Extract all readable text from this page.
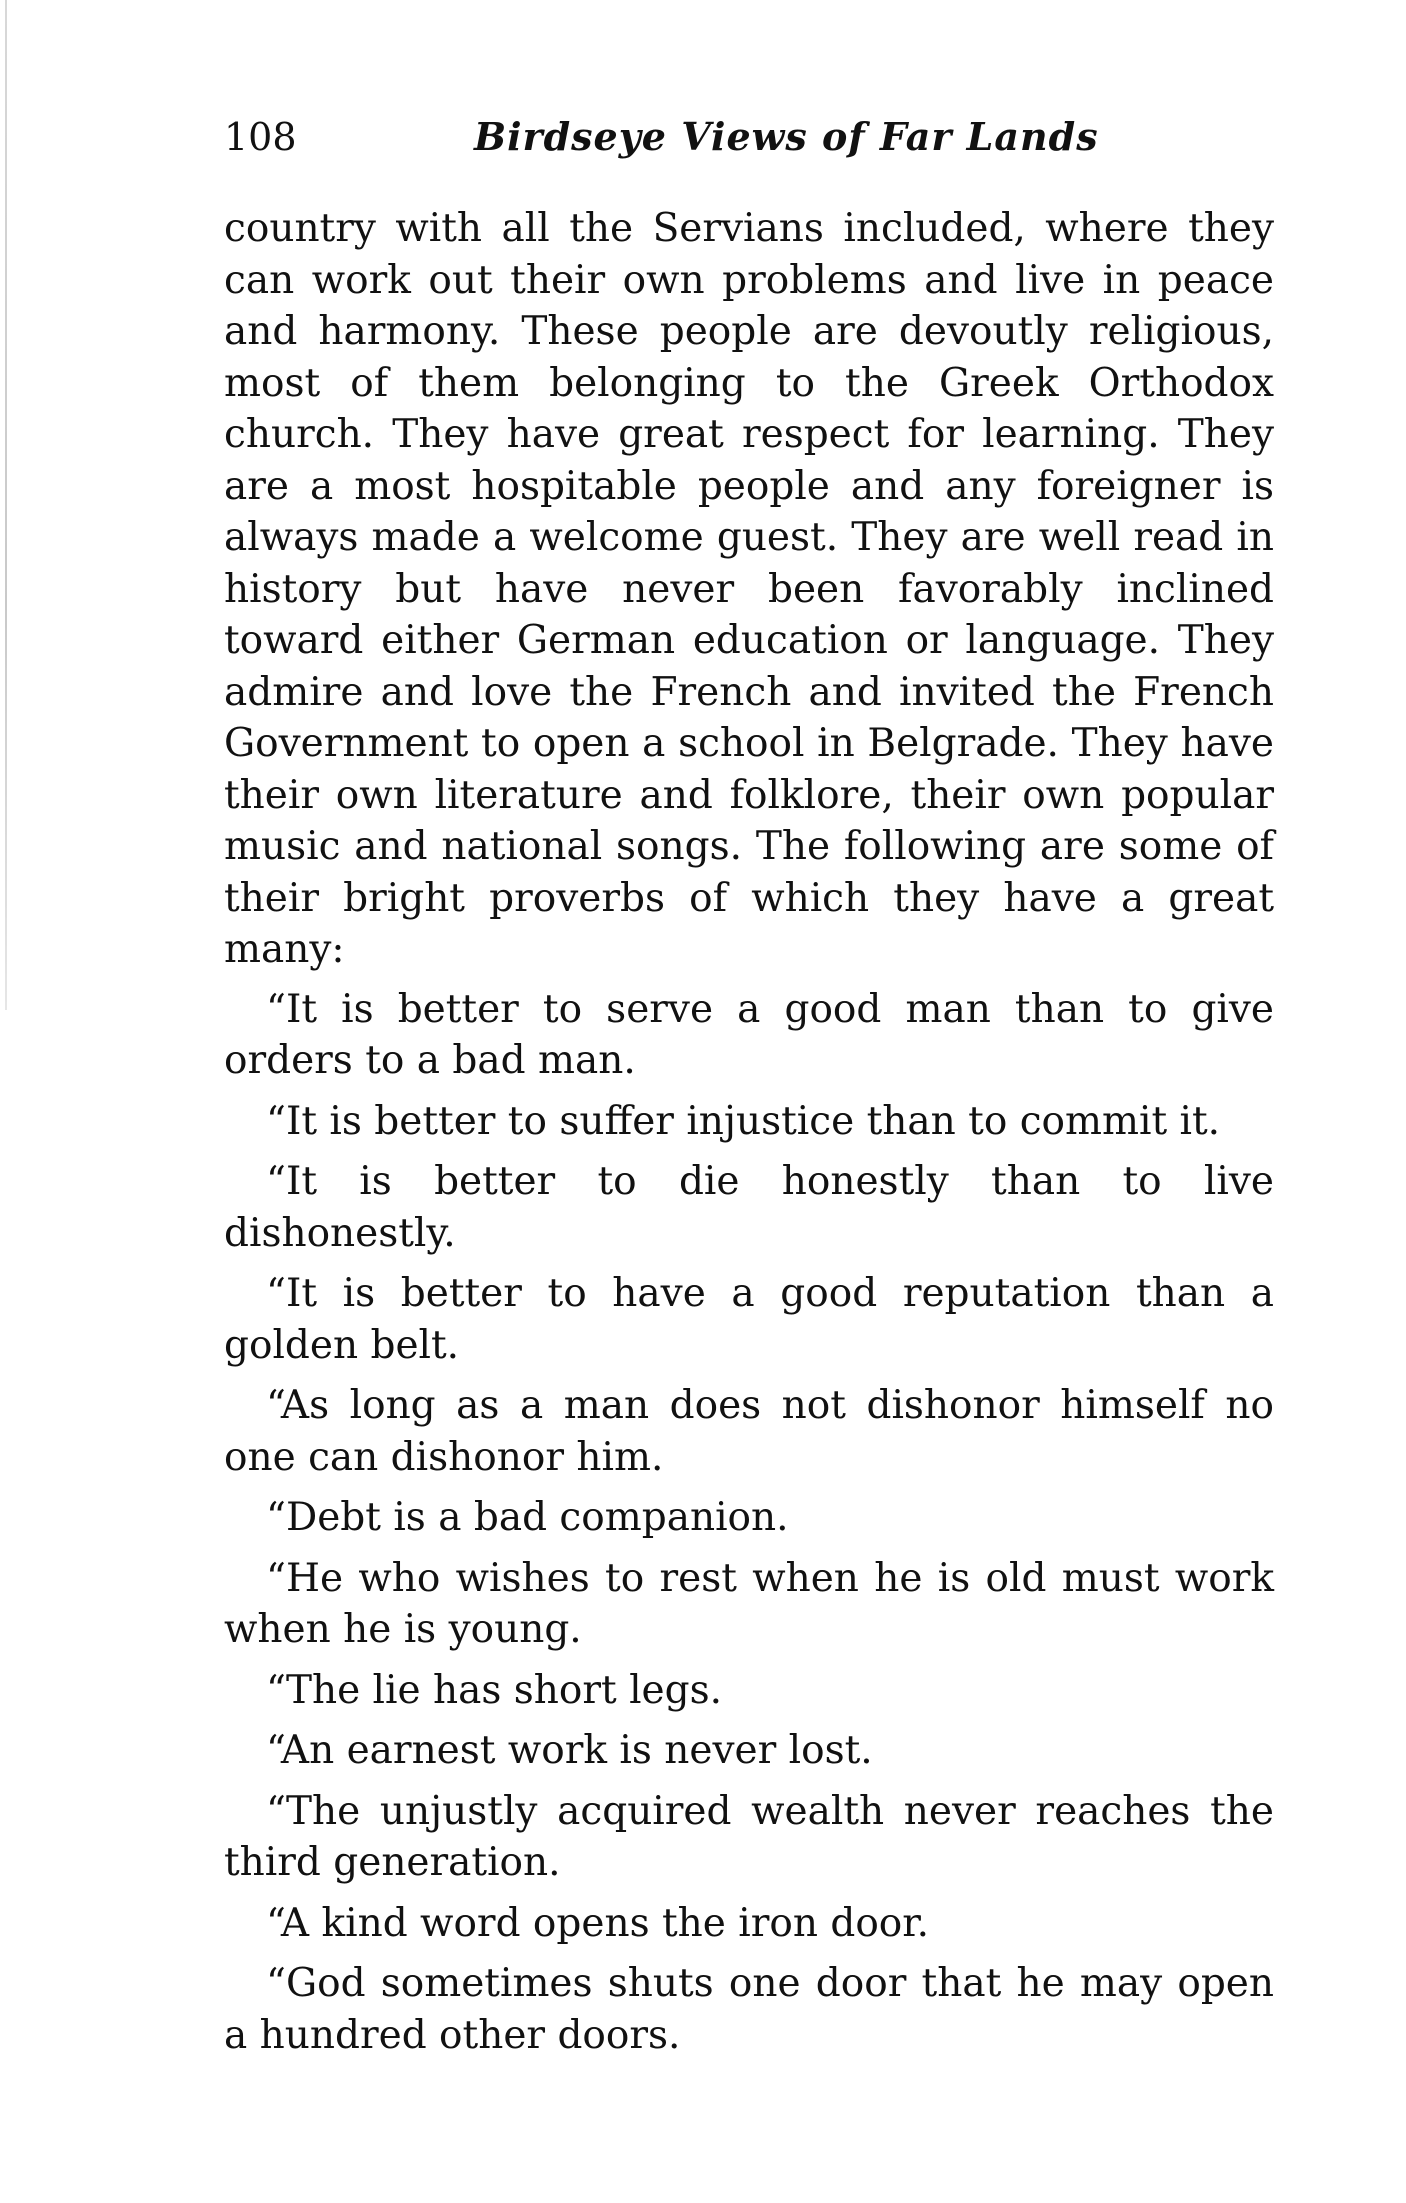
108	Birdseye Views of Far Lands

country with all the Servians included, where they can work out their own problems and live in peace and harmony. These people are devoutly religious, most of them belonging to the Greek Orthodox church. They have great respect for learning. They are a most hospitable people and any foreigner is always made a welcome guest. They are well read in history but have never been favorably inclined toward either German education or language. They admire and love the French and invited the French Government to open a school in Belgrade. They have their own literature and folklore, their own popular music and national songs. The following are some of their bright proverbs of which they have a great many:

“It is better to serve a good man than to give orders to a bad man.

“It is better to suffer injustice than to commit it.

“It is better to die honestly than to live dishonestly.

“It is better to have a good reputation than a golden belt.

“As long as a man does not dishonor himself no one can dishonor him.

“Debt is a bad companion.

“He who wishes to rest when he is old must work when he is young.

“The lie has short legs.

“An earnest work is never lost.

“The unjustly acquired wealth never reaches the third generation.

“A kind word opens the iron door.

“God sometimes shuts one door that he may open a hundred other doors.
